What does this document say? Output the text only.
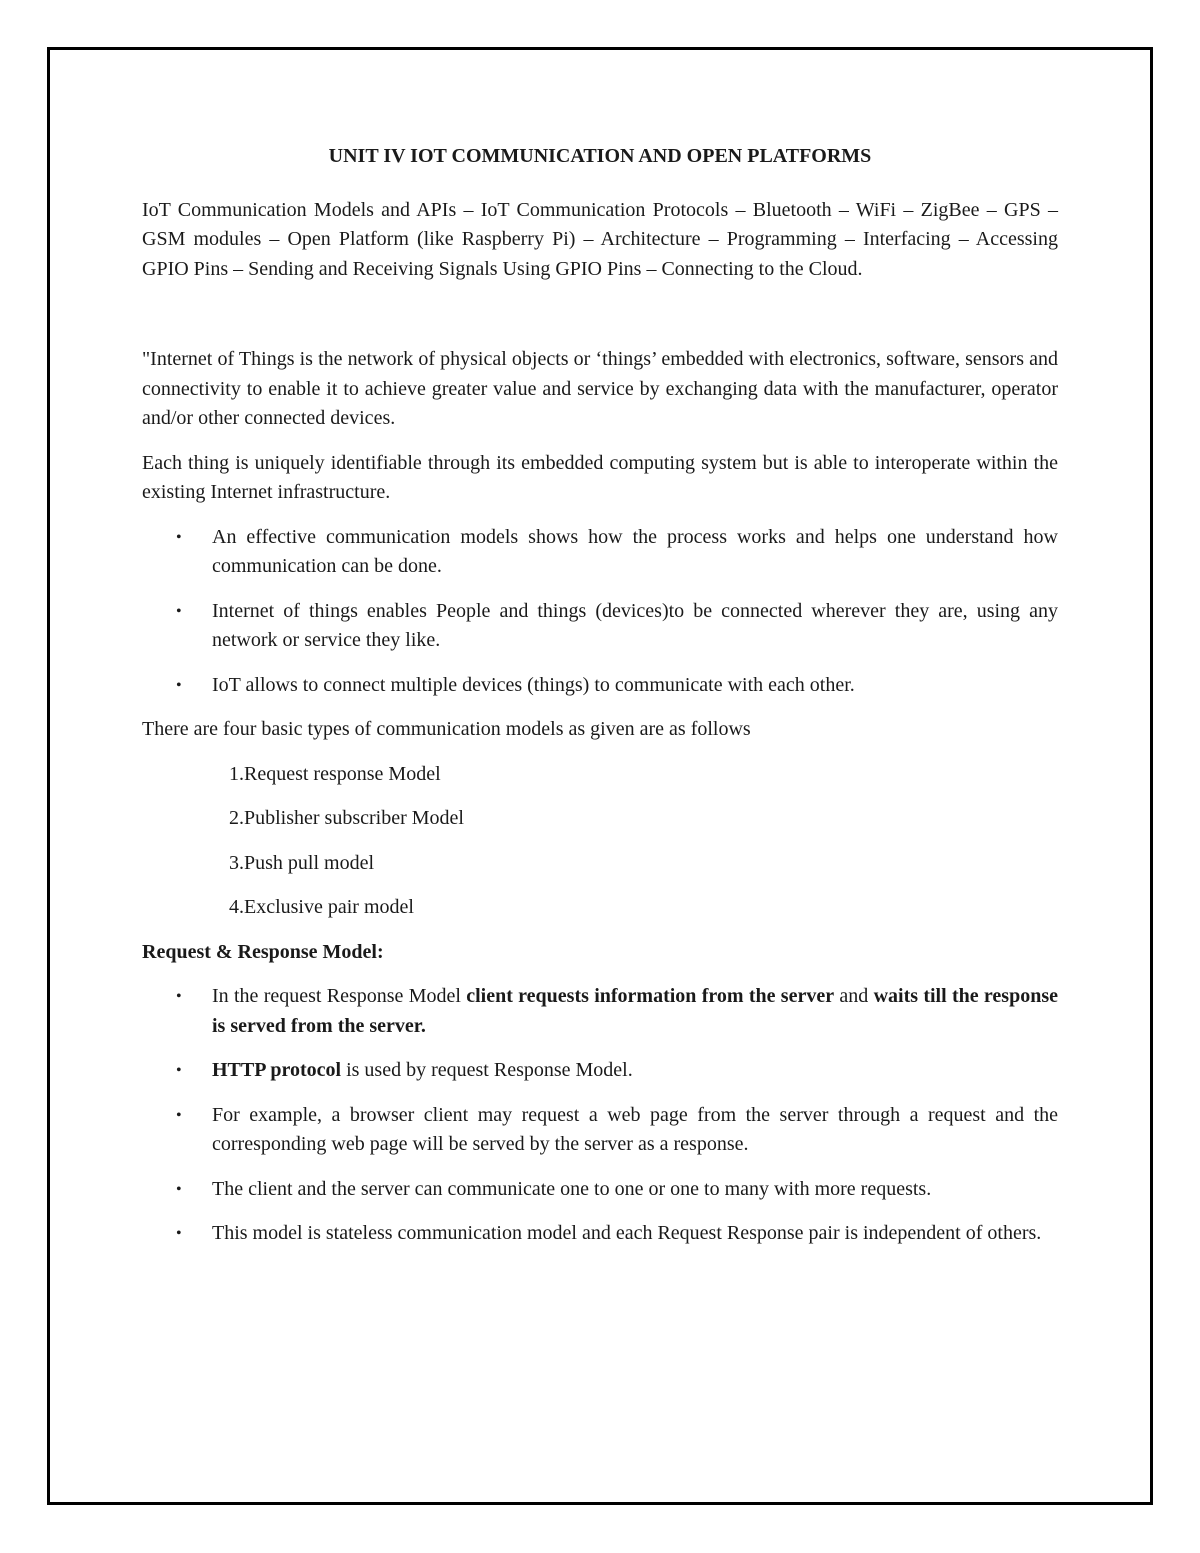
UNIT IV IOT COMMUNICATION AND OPEN PLATFORMS

IoT Communication Models and APIs – IoT Communication Protocols – Bluetooth – WiFi – ZigBee – GPS – GSM modules – Open Platform (like Raspberry Pi) – Architecture – Programming – Interfacing – Accessing GPIO Pins – Sending and Receiving Signals Using GPIO Pins – Connecting to the Cloud.

"Internet of Things is the network of physical objects or ‘things’ embedded with electronics, software, sensors and connectivity to enable it to achieve greater value and service by exchanging data with the manufacturer, operator and/or other connected devices.

Each thing is uniquely identifiable through its embedded computing system but is able to interoperate within the existing Internet infrastructure.

• An effective communication models shows how the process works and helps one understand how communication can be done.
• Internet of things enables People and things (devices)to be connected wherever they are, using any network or service they like.
• IoT allows to connect multiple devices (things) to communicate with each other.

There are four basic types of communication models as given are as follows

1.Request response Model
2.Publisher subscriber Model
3.Push pull model
4.Exclusive pair model
Request & Response Model:
• In the request Response Model client requests information from the server and waits till the response is served from the server.
• HTTP protocol is used by request Response Model.
• For example, a browser client may request a web page from the server through a request and the corresponding web page will be served by the server as a response.
• The client and the server can communicate one to one or one to many with more requests.
• This model is stateless communication model and each Request Response pair is independent of others.
